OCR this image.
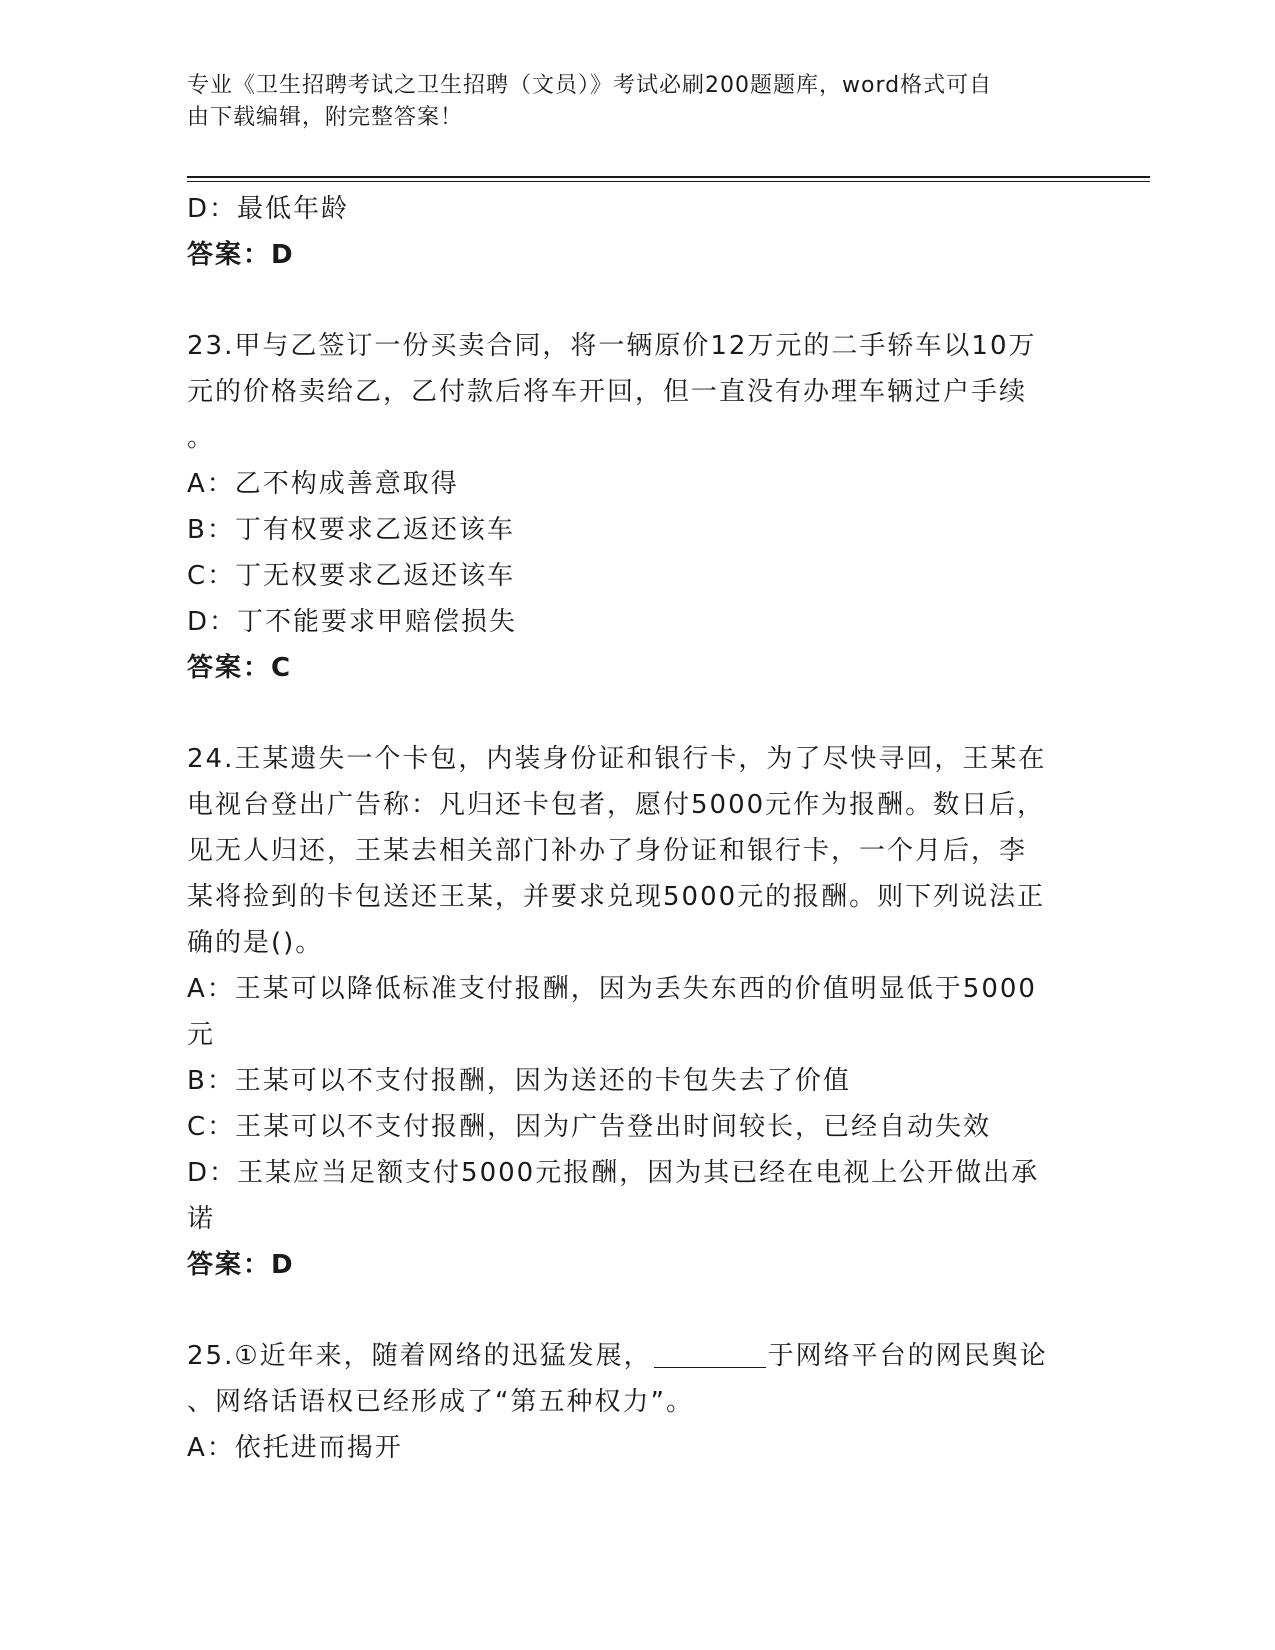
专业《卫生招聘考试之卫生招聘（文员）》考试必刷200题题库，word格式可自
由下载编辑，附完整答案！
D：最低年龄
答案：D
23.甲与乙签订一份买卖合同，将一辆原价12万元的二手轿车以10万
元的价格卖给乙，乙付款后将车开回，但一直没有办理车辆过户手续
。
A：乙不构成善意取得
B：丁有权要求乙返还该车
C：丁无权要求乙返还该车
D：丁不能要求甲赔偿损失
答案：C
24.王某遗失一个卡包，内装身份证和银行卡，为了尽快寻回，王某在
电视台登出广告称：凡归还卡包者，愿付5000元作为报酬。数日后，
见无人归还，王某去相关部门补办了身份证和银行卡，一个月后，李
某将捡到的卡包送还王某，并要求兑现5000元的报酬。则下列说法正
确的是()。
A：王某可以降低标准支付报酬，因为丢失东西的价值明显低于5000
元
B：王某可以不支付报酬，因为送还的卡包失去了价值
C：王某可以不支付报酬，因为广告登出时间较长，已经自动失效
D：王某应当足额支付5000元报酬，因为其已经在电视上公开做出承
诺
答案：D
25.①近年来，随着网络的迅猛发展，	于网络平台的网民舆论
、网络话语权已经形成了“第五种权力”。
A：依托进而揭开
